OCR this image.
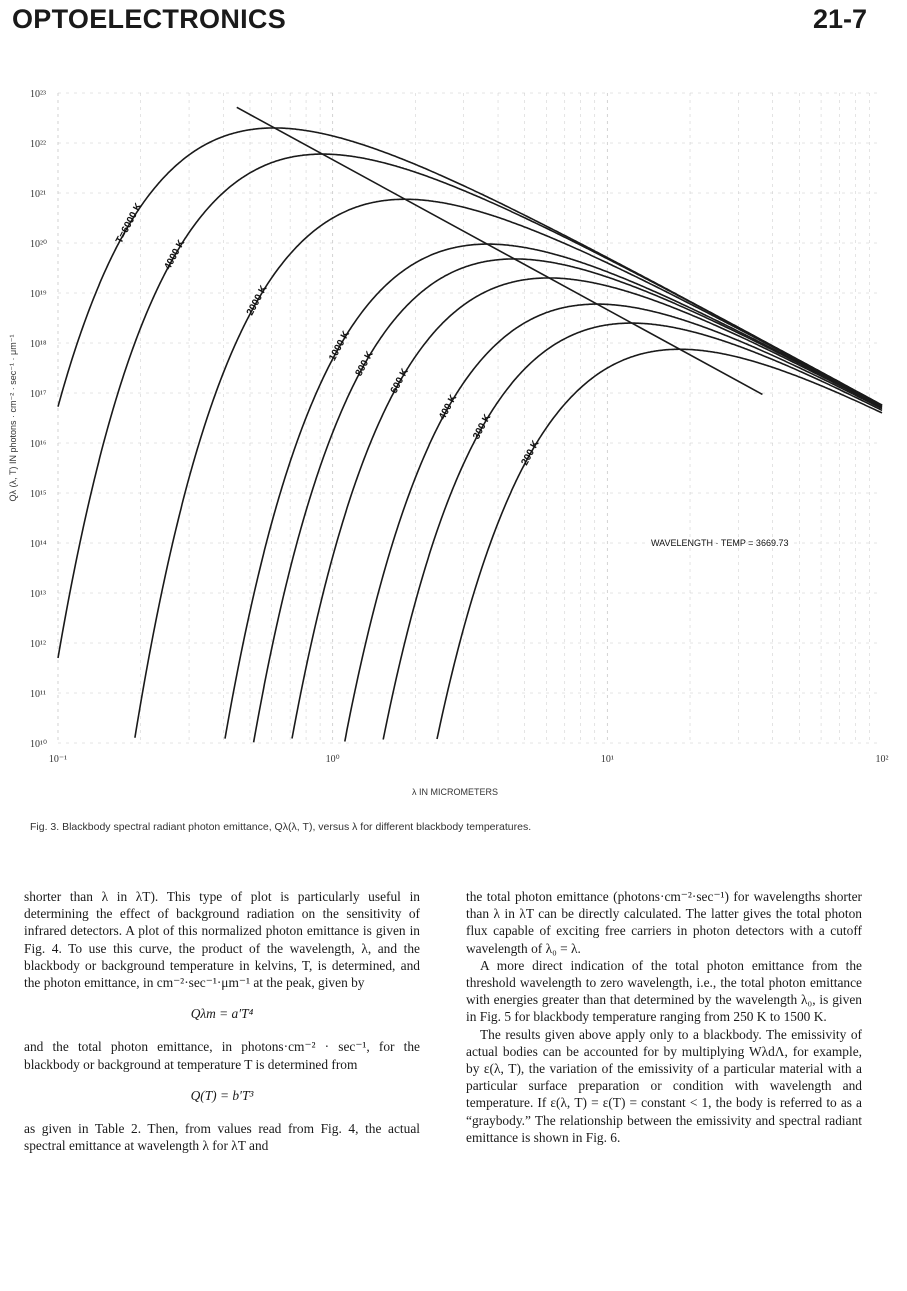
OPTOELECTRONICS	21-7
10¹⁰
10¹¹
10¹²
10¹³
10¹⁴
10¹⁵
10¹⁶
10¹⁷
10¹⁸
10¹⁹
10²⁰
10²¹
10²²
10²³
10⁻¹	10⁰	10¹	10²
T=6000 K
4000 K
2000 K
1000 K
800 K
600 K
400 K
300 K
200 K
Qλ (λ, T) IN photons · cm⁻² · sec⁻¹ · μm⁻¹
λ IN MICROMETERS
WAVELENGTH · TEMP = 3669.73
Fig. 3. Blackbody spectral radiant photon emittance, Qλ(λ, T), versus λ for different blackbody temperatures.

shorter than λ in λT). This type of plot is particularly useful in determining the effect of background radiation on the sensitivity of infrared detectors. A plot of this normalized photon emittance is given in Fig. 4. To use this curve, the product of the wavelength, λ, and the blackbody or background temperature in kelvins, T, is determined, and the photon emittance, in cm⁻²·sec⁻¹·μm⁻¹ at the peak, given by

Qλm = a′T⁴

and the total photon emittance, in photons·cm⁻² · sec⁻¹, for the blackbody or background at temperature T is determined from

Q(T) = b′T³

as given in Table 2. Then, from values read from Fig. 4, the actual spectral emittance at wavelength λ for λT and

the total photon emittance (photons·cm⁻²·sec⁻¹) for wavelengths shorter than λ in λT can be directly calculated. The latter gives the total photon flux capable of exciting free carriers in photon detectors with a cutoff wavelength of λ₀ = λ.

A more direct indication of the total photon emittance from the threshold wavelength to zero wavelength, i.e., the total photon emittance with energies greater than that determined by the wavelength λ₀, is given in Fig. 5 for blackbody temperature ranging from 250 K to 1500 K.

The results given above apply only to a blackbody. The emissivity of actual bodies can be accounted for by multiplying WλdΛ, for example, by ε(λ, T), the variation of the emissivity of a particular material with a particular surface preparation or condition with wavelength and temperature. If ε(λ, T) = ε(T) = constant < 1, the body is referred to as a “graybody.” The relationship between the emissivity and spectral radiant emittance is shown in Fig. 6.
